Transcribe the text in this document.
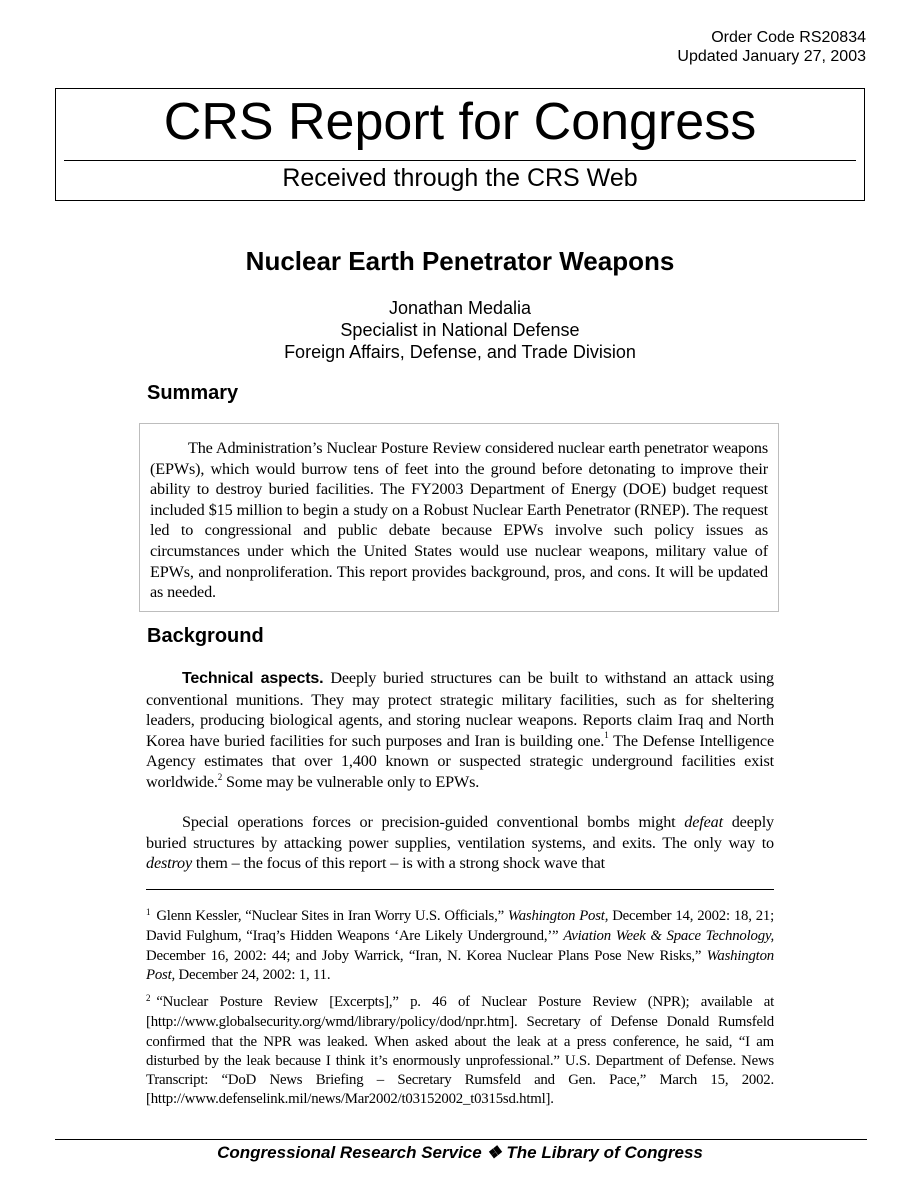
Order Code RS20834
Updated January 27, 2003
CRS Report for Congress
Received through the CRS Web
Nuclear Earth Penetrator Weapons
Jonathan Medalia
Specialist in National Defense
Foreign Affairs, Defense, and Trade Division
Summary

The Administration’s Nuclear Posture Review considered nuclear earth penetrator weapons (EPWs), which would burrow tens of feet into the ground before detonating to improve their ability to destroy buried facilities. The FY2003 Department of Energy (DOE) budget request included $15 million to begin a study on a Robust Nuclear Earth Penetrator (RNEP). The request led to congressional and public debate because EPWs involve such policy issues as circumstances under which the United States would use nuclear weapons, military value of EPWs, and nonproliferation. This report provides background, pros, and cons. It will be updated as needed.

Background

Technical aspects. Deeply buried structures can be built to withstand an attack using conventional munitions. They may protect strategic military facilities, such as for sheltering leaders, producing biological agents, and storing nuclear weapons. Reports claim Iraq and North Korea have buried facilities for such purposes and Iran is building one.$^1$ The Defense Intelligence Agency estimates that over 1,400 known or suspected strategic underground facilities exist worldwide.$^2$ Some may be vulnerable only to EPWs.

Special operations forces or precision-guided conventional bombs might defeat deeply buried structures by attacking power supplies, ventilation systems, and exits. The only way to destroy them – the focus of this report – is with a strong shock wave that

$^1$ Glenn Kessler, “Nuclear Sites in Iran Worry U.S. Officials,” Washington Post, December 14, 2002: 18, 21; David Fulghum, “Iraq’s Hidden Weapons ‘Are Likely Underground,’” Aviation Week & Space Technology, December 16, 2002: 44; and Joby Warrick, “Iran, N. Korea Nuclear Plans Pose New Risks,” Washington Post, December 24, 2002: 1, 11.

$^2$ “Nuclear Posture Review [Excerpts],” p. 46 of Nuclear Posture Review (NPR); available at [http://www.globalsecurity.org/wmd/library/policy/dod/npr.htm]. Secretary of Defense Donald Rumsfeld confirmed that the NPR was leaked. When asked about the leak at a press conference, he said, “I am disturbed by the leak because I think it’s enormously unprofessional.” U.S. Department of Defense. News Transcript: “DoD News Briefing – Secretary Rumsfeld and Gen. Pace,” March 15, 2002. [http://www.defenselink.mil/news/Mar2002/t03152002_t0315sd.html].

Congressional Research Service ❖ The Library of Congress
